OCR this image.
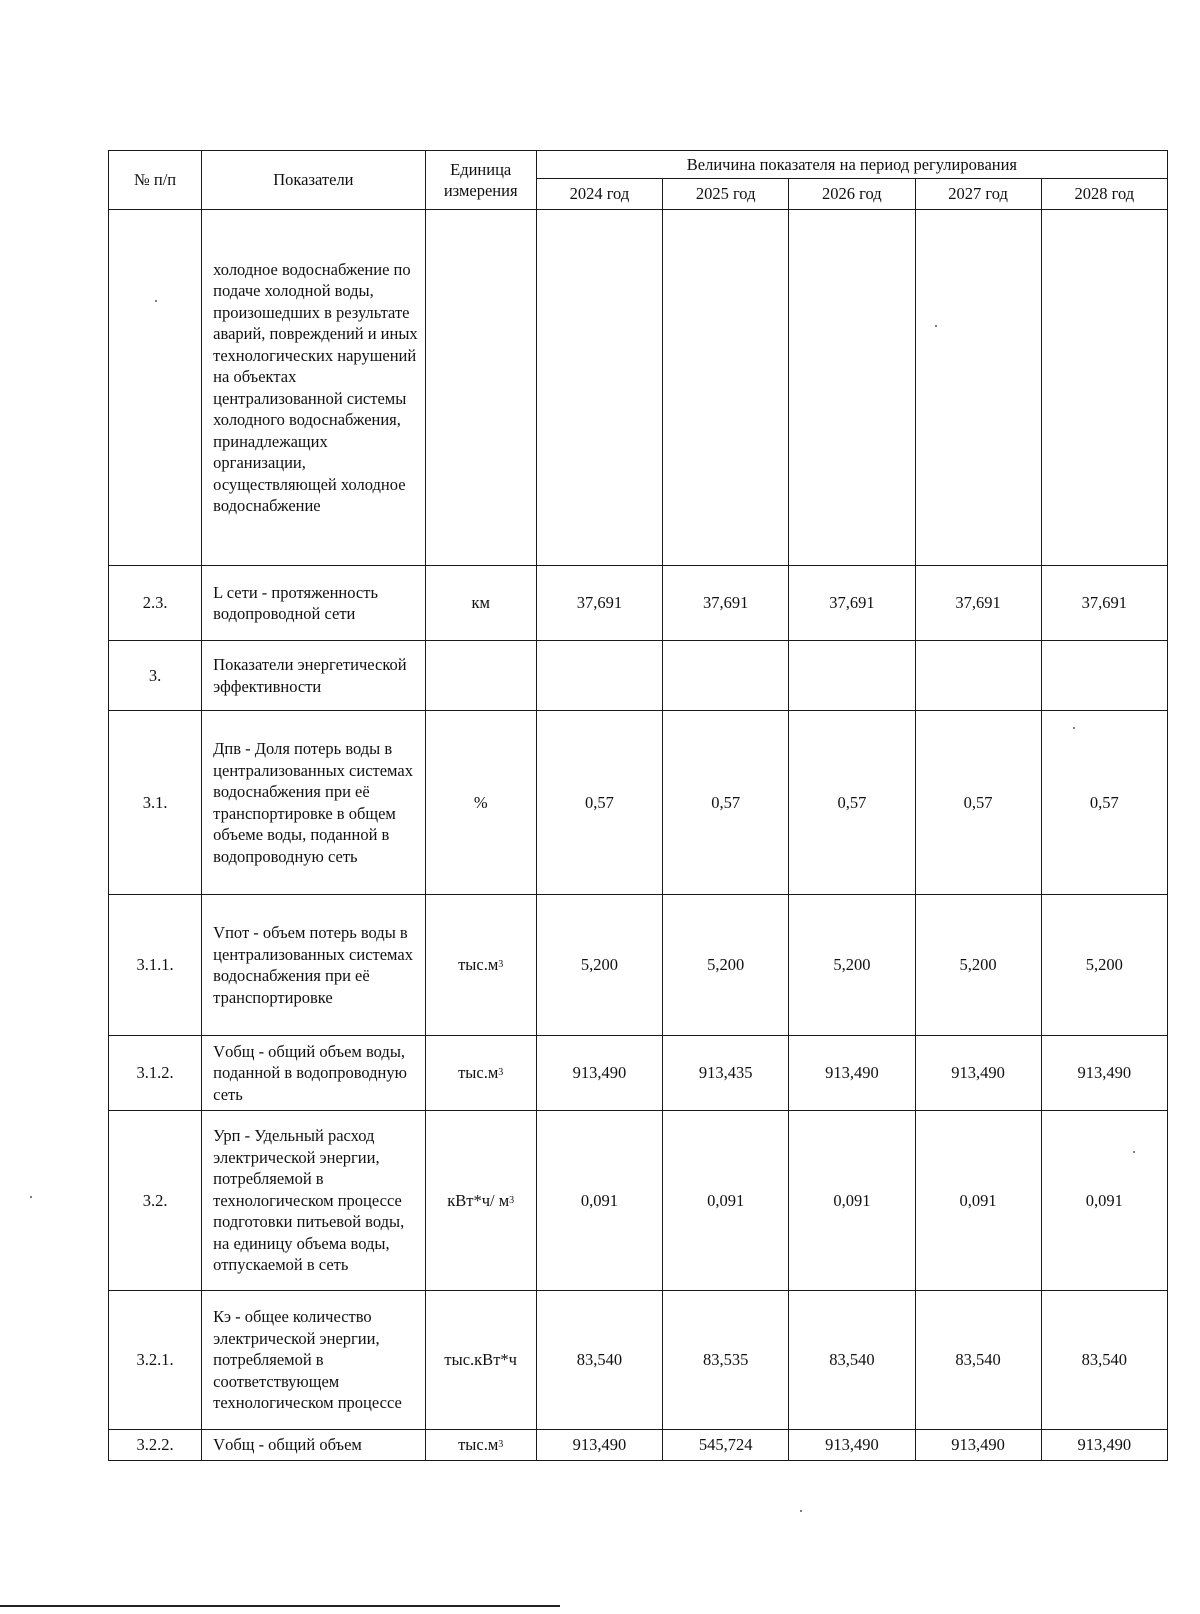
№ п/п	Показатели	Единица измерения	Величина показателя на период регулирования				
			2024 год	2025 год	2026 год	2027 год	2028 год
	холодное водоснабжение по подаче холодной воды, произошедших в результате аварий, повреждений и иных технологических нарушений на объектах централизованной системы холодного водоснабжения, принадлежащих организации, осуществляющей холодное водоснабжение						
2.3.	L сети - протяженность водопроводной сети	км	37,691	37,691	37,691	37,691	37,691
3.	Показатели энергетической эффективности						
3.1.	Дпв - Доля потерь воды в централизованных системах водоснабжения при её транспортировке в общем объеме воды, поданной в водопроводную сеть	%	0,57	0,57	0,57	0,57	0,57
3.1.1.	Vпот - объем потерь воды в централизованных системах водоснабжения при её транспортировке	$тыс.м^3$	5,200	5,200	5,200	5,200	5,200
3.1.2.	Vобщ - общий объем воды, поданной в водопроводную сеть	$тыс.м^3$	913,490	913,435	913,490	913,490	913,490
3.2.	Урп - Удельный расход электрической энергии, потребляемой в технологическом процессе подготовки питьевой воды, на единицу объема воды, отпускаемой в сеть	кВт*ч/ $м^3$	0,091	0,091	0,091	0,091	0,091
3.2.1.	Кэ - общее количество электрической энергии, потребляемой в соответствующем технологическом процессе	тыс.кВт*ч	83,540	83,535	83,540	83,540	83,540
3.2.2.	Vобщ - общий объем	$тыс.м^3$	913,490	545,724	913,490	913,490	913,490
